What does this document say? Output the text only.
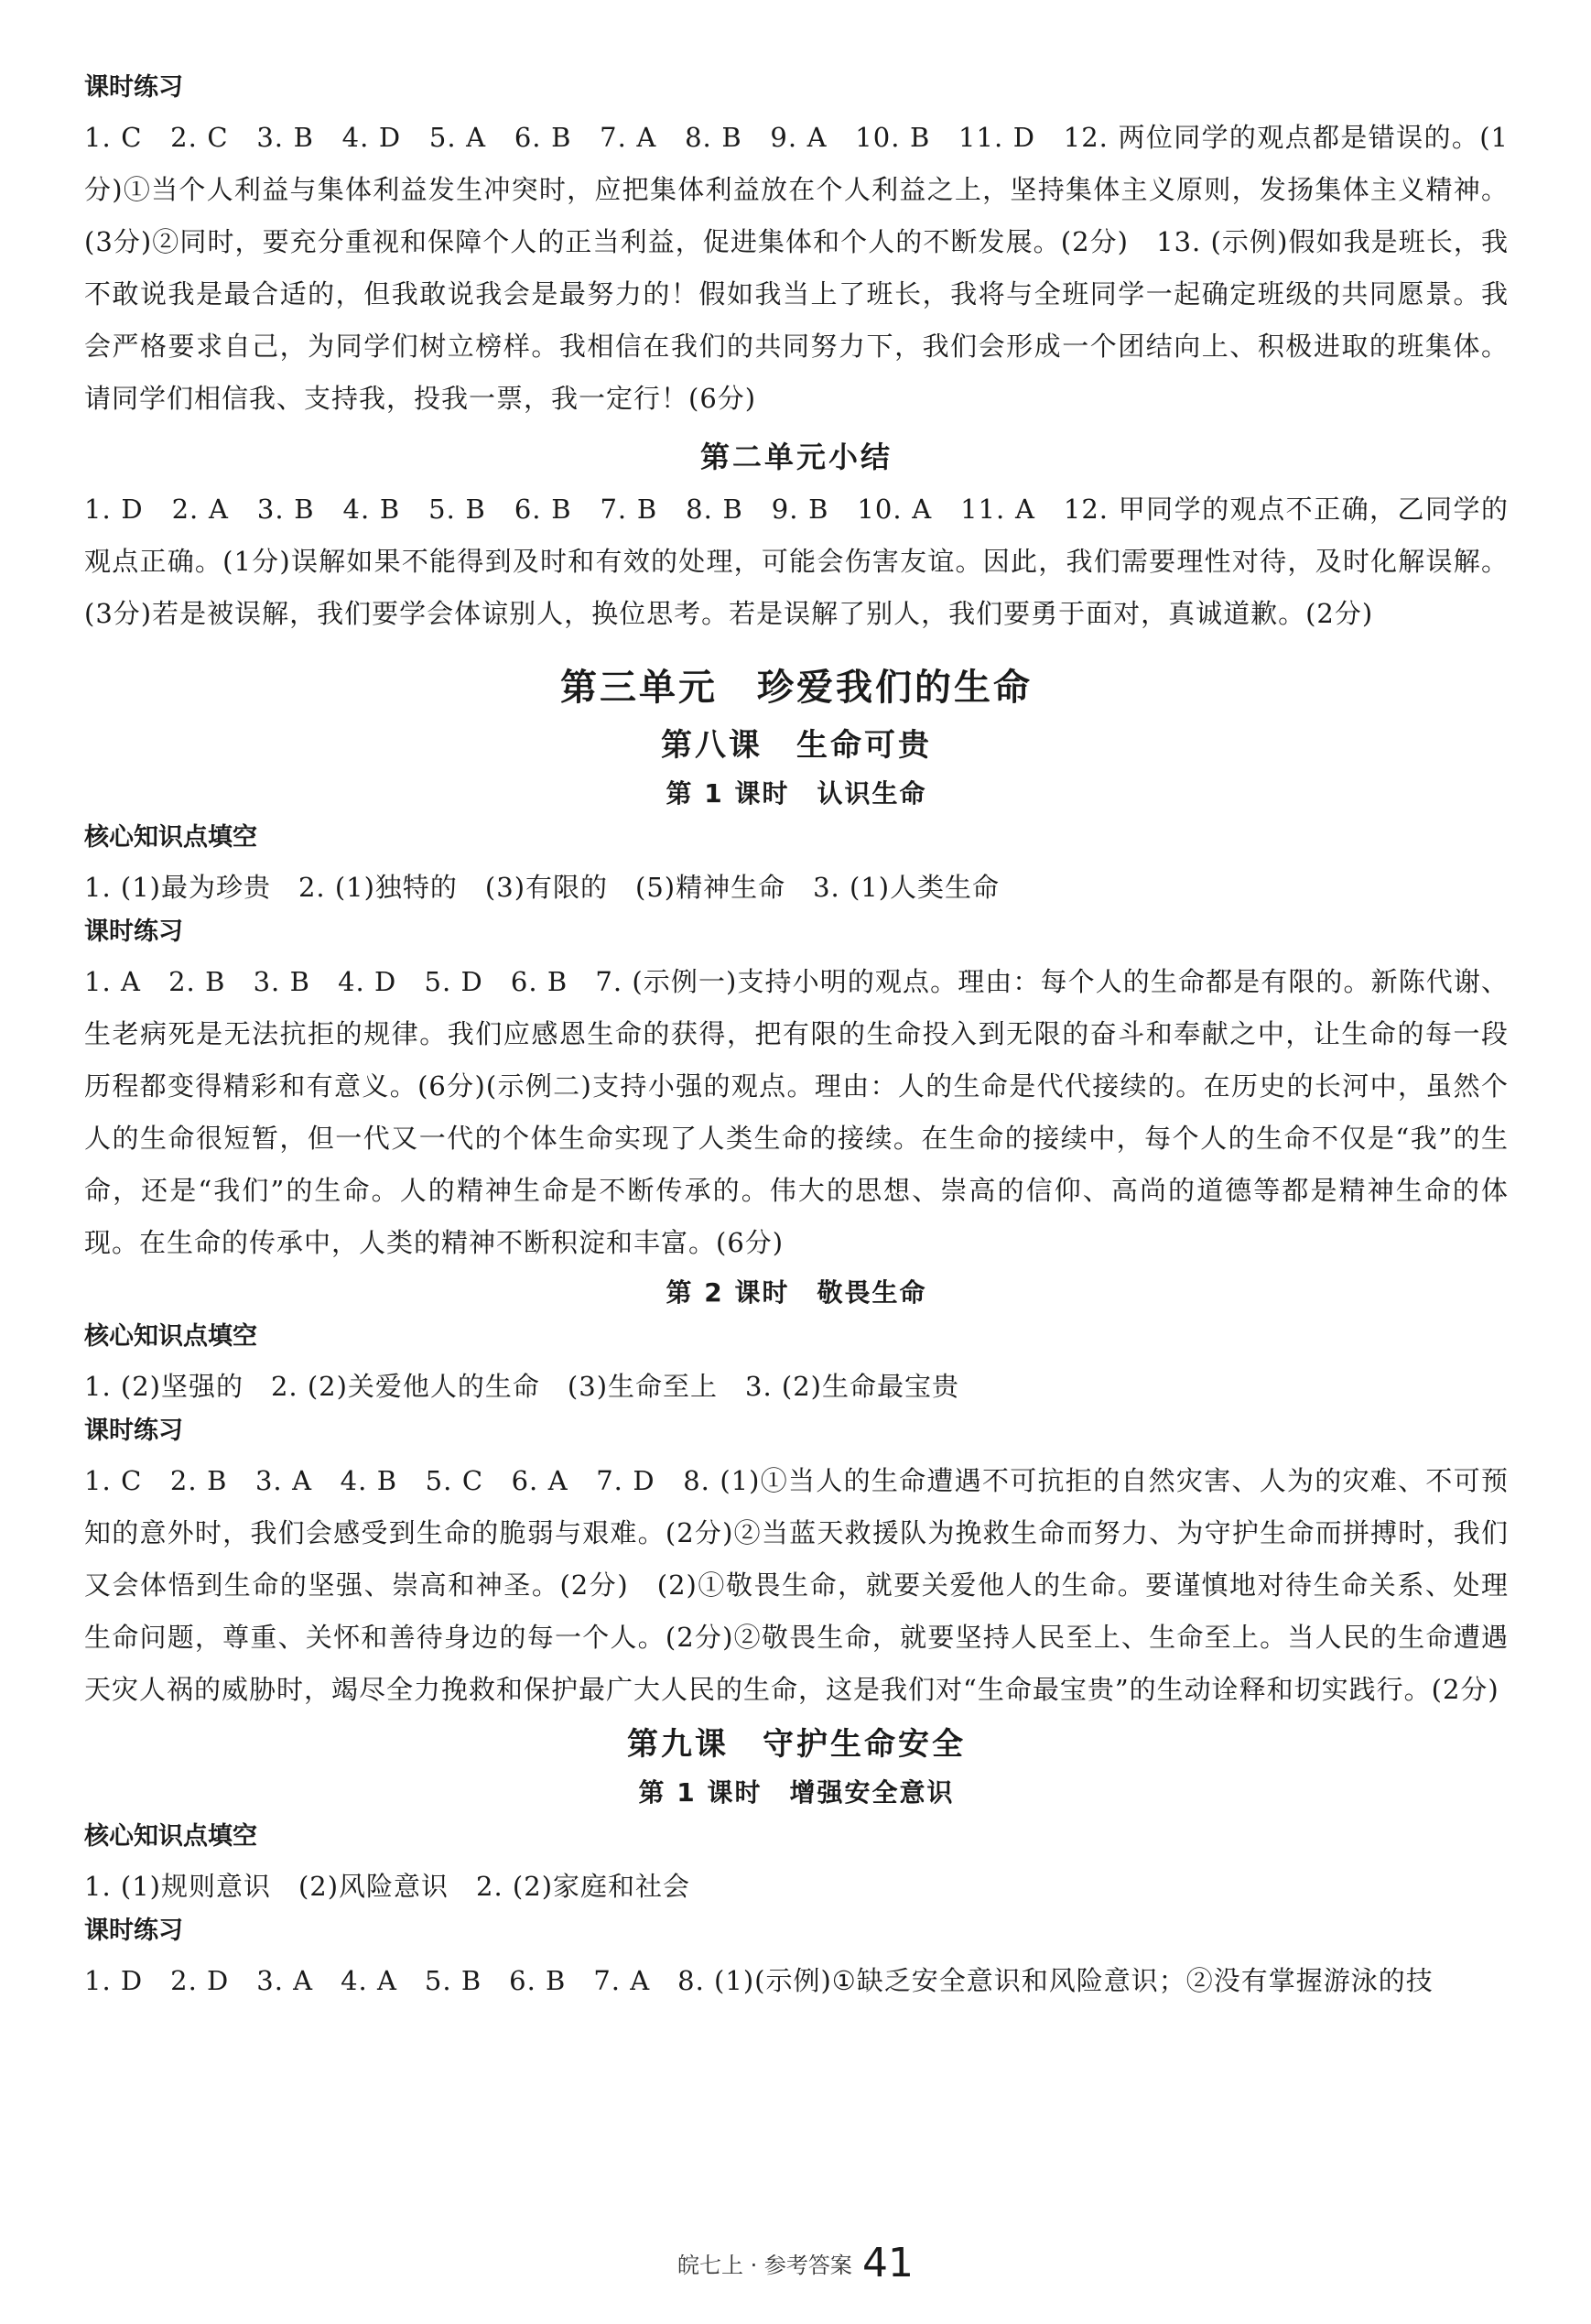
课时练习

1. C　2. C　3. B　4. D　5. A　6. B　7. A　8. B　9. A　10. B　11. D　12. 两位同学的观点都是错误的。(1分)①当个人利益与集体利益发生冲突时，应把集体利益放在个人利益之上，坚持集体主义原则，发扬集体主义精神。(3分)②同时，要充分重视和保障个人的正当利益，促进集体和个人的不断发展。(2分)　13. (示例)假如我是班长，我不敢说我是最合适的，但我敢说我会是最努力的！假如我当上了班长，我将与全班同学一起确定班级的共同愿景。我会严格要求自己，为同学们树立榜样。我相信在我们的共同努力下，我们会形成一个团结向上、积极进取的班集体。请同学们相信我、支持我，投我一票，我一定行！(6分)

第二单元小结

1. D　2. A　3. B　4. B　5. B　6. B　7. B　8. B　9. B　10. A　11. A　12. 甲同学的观点不正确，乙同学的观点正确。(1分)误解如果不能得到及时和有效的处理，可能会伤害友谊。因此，我们需要理性对待，及时化解误解。(3分)若是被误解，我们要学会体谅别人，换位思考。若是误解了别人，我们要勇于面对，真诚道歉。(2分)

第三单元　珍爱我们的生命
第八课　生命可贵
第 1 课时　认识生命
核心知识点填空

1. (1)最为珍贵　2. (1)独特的　(3)有限的　(5)精神生命　3. (1)人类生命

课时练习

1. A　2. B　3. B　4. D　5. D　6. B　7. (示例一)支持小明的观点。理由：每个人的生命都是有限的。新陈代谢、生老病死是无法抗拒的规律。我们应感恩生命的获得，把有限的生命投入到无限的奋斗和奉献之中，让生命的每一段历程都变得精彩和有意义。(6分)(示例二)支持小强的观点。理由：人的生命是代代接续的。在历史的长河中，虽然个人的生命很短暂，但一代又一代的个体生命实现了人类生命的接续。在生命的接续中，每个人的生命不仅是“我”的生命，还是“我们”的生命。人的精神生命是不断传承的。伟大的思想、崇高的信仰、高尚的道德等都是精神生命的体现。在生命的传承中，人类的精神不断积淀和丰富。(6分)

第 2 课时　敬畏生命
核心知识点填空

1. (2)坚强的　2. (2)关爱他人的生命　(3)生命至上　3. (2)生命最宝贵

课时练习

1. C　2. B　3. A　4. B　5. C　6. A　7. D　8. (1)①当人的生命遭遇不可抗拒的自然灾害、人为的灾难、不可预知的意外时，我们会感受到生命的脆弱与艰难。(2分)②当蓝天救援队为挽救生命而努力、为守护生命而拼搏时，我们又会体悟到生命的坚强、崇高和神圣。(2分)　(2)①敬畏生命，就要关爱他人的生命。要谨慎地对待生命关系、处理生命问题，尊重、关怀和善待身边的每一个人。(2分)②敬畏生命，就要坚持人民至上、生命至上。当人民的生命遭遇天灾人祸的威胁时，竭尽全力挽救和保护最广大人民的生命，这是我们对“生命最宝贵”的生动诠释和切实践行。(2分)

第九课　守护生命安全
第 1 课时　增强安全意识
核心知识点填空

1. (1)规则意识　(2)风险意识　2. (2)家庭和社会

课时练习

1. D　2. D　3. A　4. A　5. B　6. B　7. A　8. (1)(示例)①缺乏安全意识和风险意识；②没有掌握游泳的技

皖七上 · 参考答案 41
